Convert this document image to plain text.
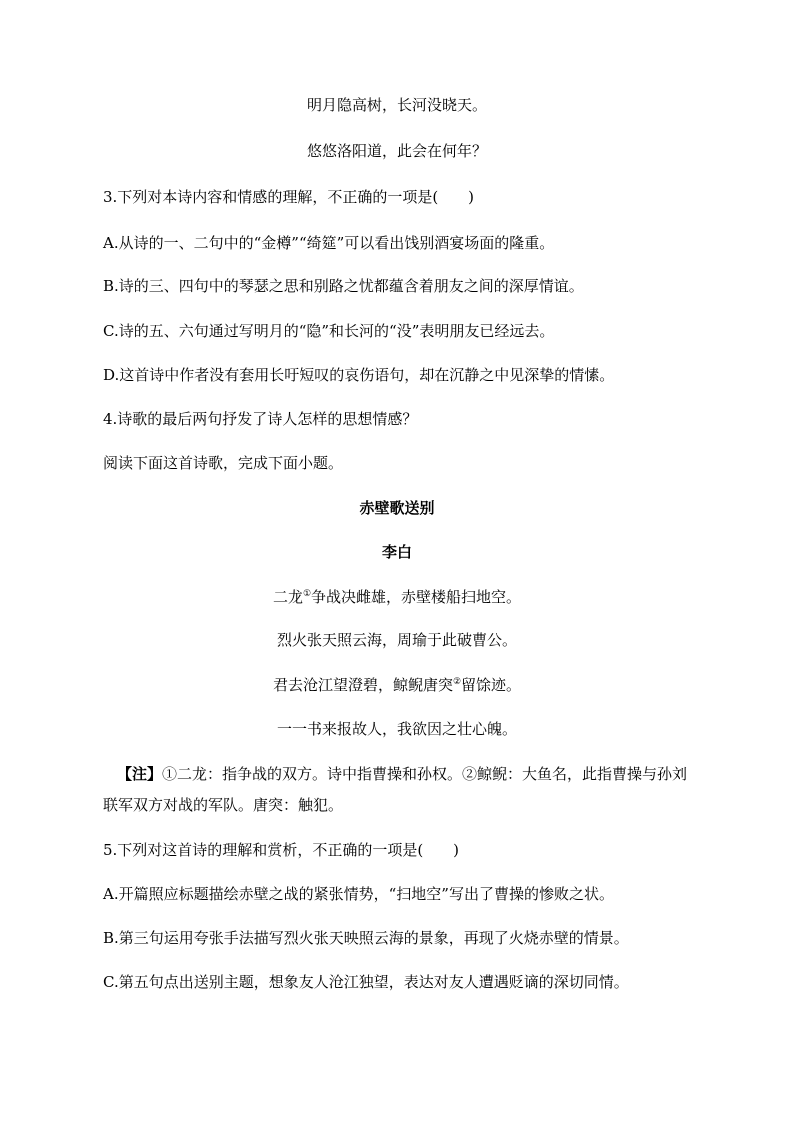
明月隐高树，长河没晓天。
悠悠洛阳道，此会在何年？
3.下列对本诗内容和情感的理解，不正确的一项是(　　)
A.从诗的一、二句中的“金樽”“绮筵”可以看出饯别酒宴场面的隆重。
B.诗的三、四句中的琴瑟之思和别路之忧都蕴含着朋友之间的深厚情谊。
C.诗的五、六句通过写明月的“隐”和长河的“没”表明朋友已经远去。
D.这首诗中作者没有套用长吁短叹的哀伤语句，却在沉静之中见深挚的情愫。
4.诗歌的最后两句抒发了诗人怎样的思想情感？
阅读下面这首诗歌，完成下面小题。
赤壁歌送别
李白
二龙①争战决雌雄，赤壁楼船扫地空。
烈火张天照云海，周瑜于此破曹公。
君去沧江望澄碧，鲸鲵唐突②留馀迹。
一一书来报故人，我欲因之壮心魄。
【注】①二龙：指争战的双方。诗中指曹操和孙权。②鲸鲵：大鱼名，此指曹操与孙刘
联军双方对战的军队。唐突：触犯。
5.下列对这首诗的理解和赏析，不正确的一项是(　　)
A.开篇照应标题描绘赤壁之战的紧张情势，“扫地空”写出了曹操的惨败之状。
B.第三句运用夸张手法描写烈火张天映照云海的景象，再现了火烧赤壁的情景。
C.第五句点出送别主题，想象友人沧江独望，表达对友人遭遇贬谪的深切同情。
